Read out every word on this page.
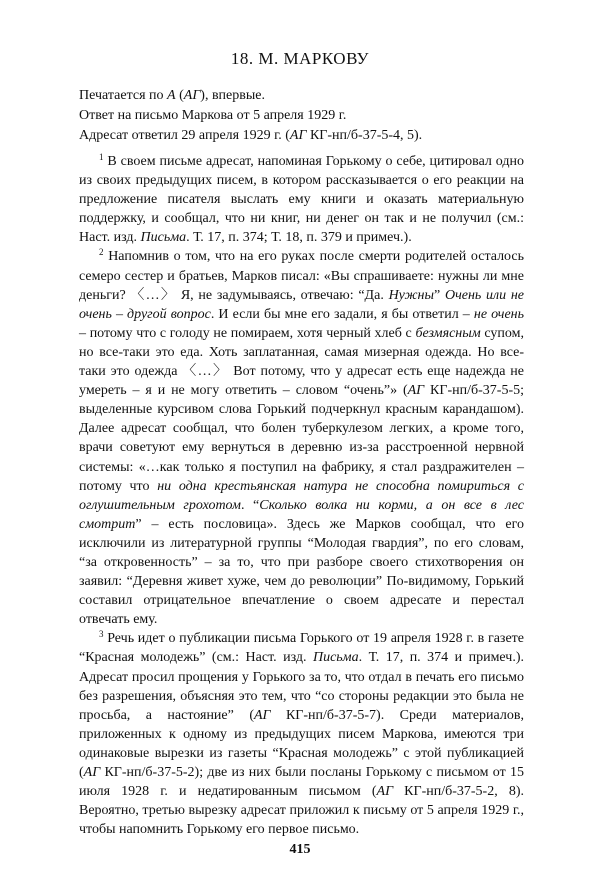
18. М. МАРКОВУ
Печатается по А (АГ), впервые.
Ответ на письмо Маркова от 5 апреля 1929 г.
Адресат ответил 29 апреля 1929 г. (АГ КГ-нп/б-37-5-4, 5).

$^1$ В своем письме адресат, напоминая Горькому о себе, цитировал одно из своих предыдущих писем, в котором рассказывается о его реакции на предложение писателя выслать ему книги и оказать материальную поддержку, и сообщал, что ни книг, ни денег он так и не получил (см.: Наст. изд. Письма. Т. 17, п. 374; Т. 18, п. 379 и примеч.).

$^2$ Напомнив о том, что на его руках после смерти родителей осталось семеро сестер и братьев, Марков писал: «Вы спрашиваете: нужны ли мне деньги? 〈…〉 Я, не задумываясь, отвечаю: “Да. Нужны” Очень или не очень – другой вопрос. И если бы мне его задали, я бы ответил – не очень – потому что с голоду не помираем, хотя черный хлеб с безмясным супом, но все-таки это еда. Хоть заплатанная, самая мизерная одежда. Но все-таки это одежда 〈…〉 Вот потому, что у адресат есть еще надежда не умереть – я и не могу ответить – словом “очень”» (АГ КГ-нп/б-37-5-5; выделенные курсивом слова Горький подчеркнул красным карандашом). Далее адресат сообщал, что болен туберкулезом легких, а кроме того, врачи советуют ему вернуться в деревню из-за расстроенной нервной системы: «…как только я поступил на фабрику, я стал раздражителен – потому что ни одна крестьянская натура не способна помириться с оглушительным грохотом. “Сколько волка ни корми, а он все в лес смотрит” – есть пословица». Здесь же Марков сообщал, что его исключили из литературной группы “Молодая гвардия”, по его словам, “за откровенность” – за то, что при разборе своего стихотворения он заявил: “Деревня живет хуже, чем до революции” По-видимому, Горький составил отрицательное впечатление о своем адресате и перестал отвечать ему.

$^3$ Речь идет о публикации письма Горького от 19 апреля 1928 г. в газете “Красная молодежь” (см.: Наст. изд. Письма. Т. 17, п. 374 и примеч.). Адресат просил прощения у Горького за то, что отдал в печать его письмо без разрешения, объясняя это тем, что “со стороны редакции это была не просьба, а настояние” (АГ КГ-нп/б-37-5-7). Среди материалов, приложенных к одному из предыдущих писем Маркова, имеются три одинаковые вырезки из газеты “Красная молодежь” с этой публикацией (АГ КГ-нп/б-37-5-2); две из них были посланы Горькому с письмом от 15 июля 1928 г. и недатированным письмом (АГ КГ-нп/б-37-5-2, 8). Вероятно, третью вырезку адресат приложил к письму от 5 апреля 1929 г., чтобы напомнить Горькому его первое письмо.

415
